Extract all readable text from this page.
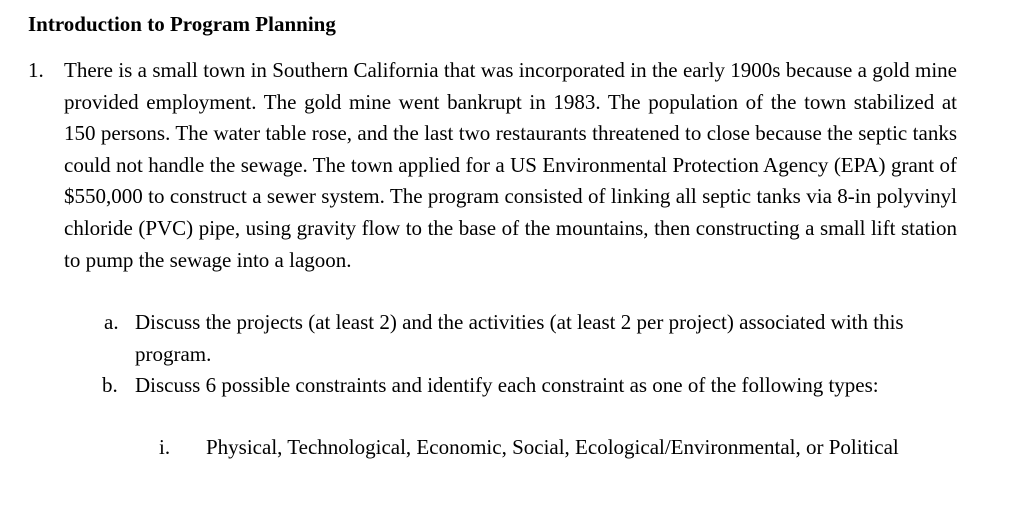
Introduction to Program Planning
1. There is a small town in Southern California that was incorporated in the early 1900s because a gold mine provided employment. The gold mine went bankrupt in 1983. The population of the town stabilized at 150 persons. The water table rose, and the last two restaurants threatened to close because the septic tanks could not handle the sewage. The town applied for a US Environmental Protection Agency (EPA) grant of $550,000 to construct a sewer system. The program consisted of linking all septic tanks via 8-in polyvinyl chloride (PVC) pipe, using gravity flow to the base of the mountains, then constructing a small lift station to pump the sewage into a lagoon.
a. Discuss the projects (at least 2) and the activities (at least 2 per project) associated with this program.
b. Discuss 6 possible constraints and identify each constraint as one of the following types:
i. Physical, Technological, Economic, Social, Ecological/Environmental, or Political
